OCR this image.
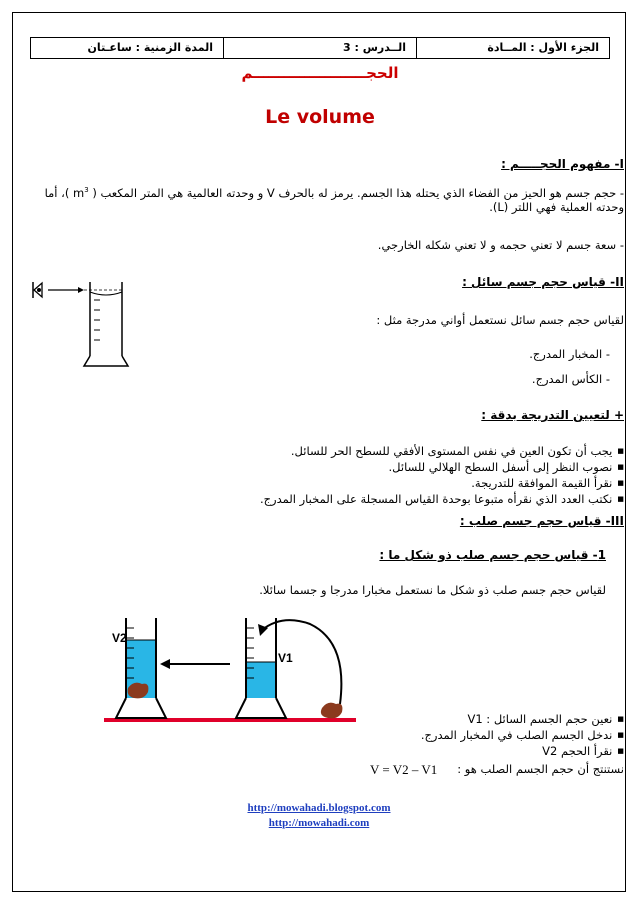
الجزء الأول : المــادة
الــدرس : 3
المدة الزمنية : ساعـتان
الحجــــــــــــــــــــــم
Le volume
I- مفهوم الحجـــــم :
- حجم جسم هو الحيز من الفضاء الذي يحتله هذا الجسم. يرمز له بالحرف V و وحدته العالمية هي المتر المكعب ( $m^3$ )، أما
وحدته العملية فهي اللتر (L).
- سعة جسم لا تعني حجمه و لا تعني شكله الخارجي.
II- قياس حجم جسم سائل :
لقياس حجم جسم سائل نستعمل أواني مدرجة مثل :
- المخبار المدرج.
- الكأس المدرج.
+ لتعيين التدريجة بدقة :
■ يجب أن تكون العين في نفس المستوى الأفقي للسطح الحر للسائل.
■ نصوب النظر إلى أسفل السطح الهلالي للسائل.
■ نقرأ القيمة الموافقة للتدريجة.
■ نكتب العدد الذي نقرأه متبوعا بوحدة القياس المسجلة على المخبار المدرج.
III- قياس حجم جسم صلب :
1- قياس حجم جسم صلب ذو شكل ما :
لقياس حجم جسم صلب ذو شكل ما نستعمل مخبارا مدرجا و جسما سائلا.
V2
V1
■ نعين حجم الجسم السائل : V1
■ ندخل الجسم الصلب في المخبار المدرج.
■ نقرأ الحجم V2
نستنتج أن حجم الجسم الصلب هو :
V = V2 – V1
http://mowahadi.blogspot.com
http://mowahadi.com
